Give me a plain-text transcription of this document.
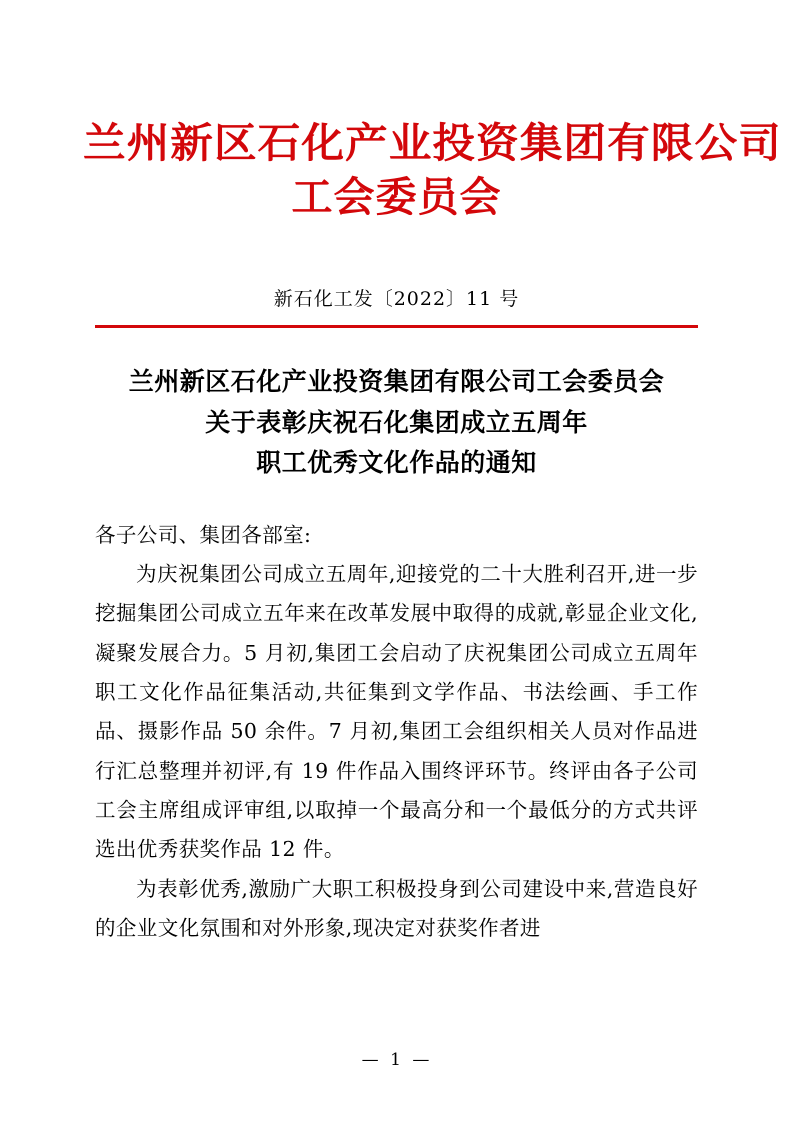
兰州新区石化产业投资集团有限公司
工会委员会
新石化工发〔2022〕11 号
兰州新区石化产业投资集团有限公司工会委员会
关于表彰庆祝石化集团成立五周年
职工优秀文化作品的通知

各子公司、集团各部室:

为庆祝集团公司成立五周年,迎接党的二十大胜利召开,进一步挖掘集团公司成立五年来在改革发展中取得的成就,彰显企业文化,凝聚发展合力。5 月初,集团工会启动了庆祝集团公司成立五周年职工文化作品征集活动,共征集到文学作品、书法绘画、手工作品、摄影作品 50 余件。7 月初,集团工会组织相关人员对作品进行汇总整理并初评,有 19 件作品入围终评环节。终评由各子公司工会主席组成评审组,以取掉一个最高分和一个最低分的方式共评选出优秀获奖作品 12 件。

为表彰优秀,激励广大职工积极投身到公司建设中来,营造良好的企业文化氛围和对外形象,现决定对获奖作者进

— 1 —
